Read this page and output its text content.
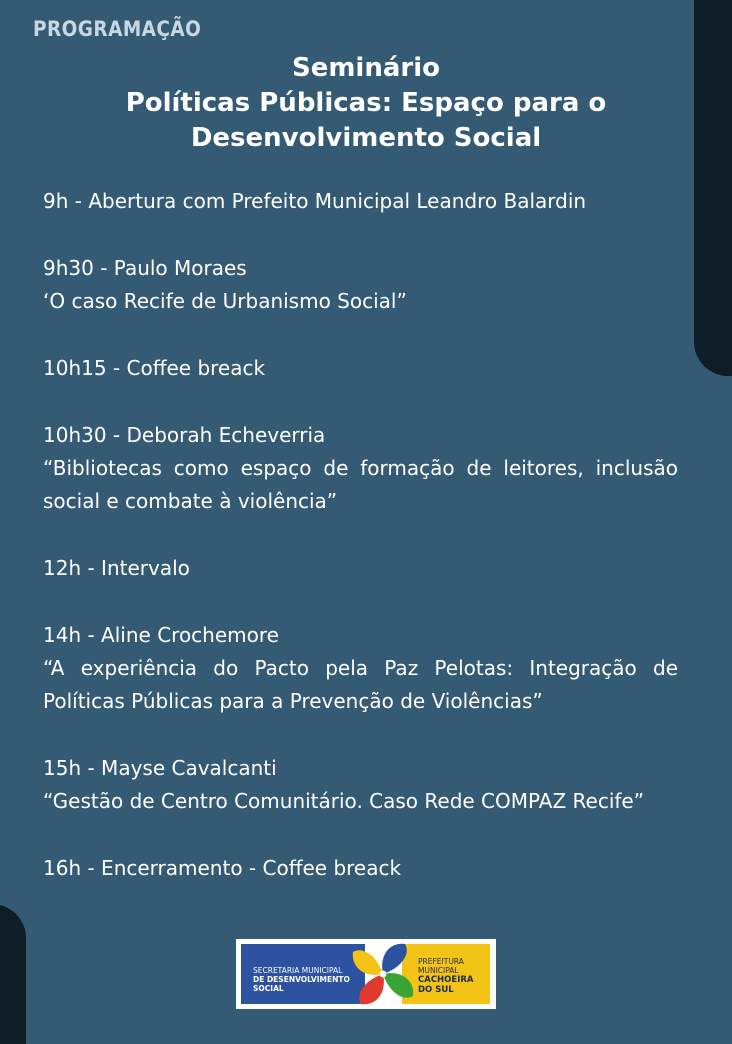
PROGRAMAÇÃO
Seminário
Políticas Públicas: Espaço para o
Desenvolvimento Social
9h - Abertura com Prefeito Municipal Leandro Balardin
9h30 - Paulo Moraes
‘O caso Recife de Urbanismo Social”
10h15 - Coffee breack
10h30 - Deborah Echeverria
“Bibliotecas como espaço de formação de leitores, inclusão social e combate à violência”
12h - Intervalo
14h - Aline Crochemore
“A experiência do Pacto pela Paz Pelotas: Integração de Políticas Públicas para a Prevenção de Violências”
15h - Mayse Cavalcanti
“Gestão de Centro Comunitário. Caso Rede COMPAZ Recife”
16h - Encerramento - Coffee breack
SECRETARIA MUNICIPAL
DE DESENVOLVIMENTO
SOCIAL
PREFEITURA
MUNICIPAL
CACHOEIRA
DO SUL
